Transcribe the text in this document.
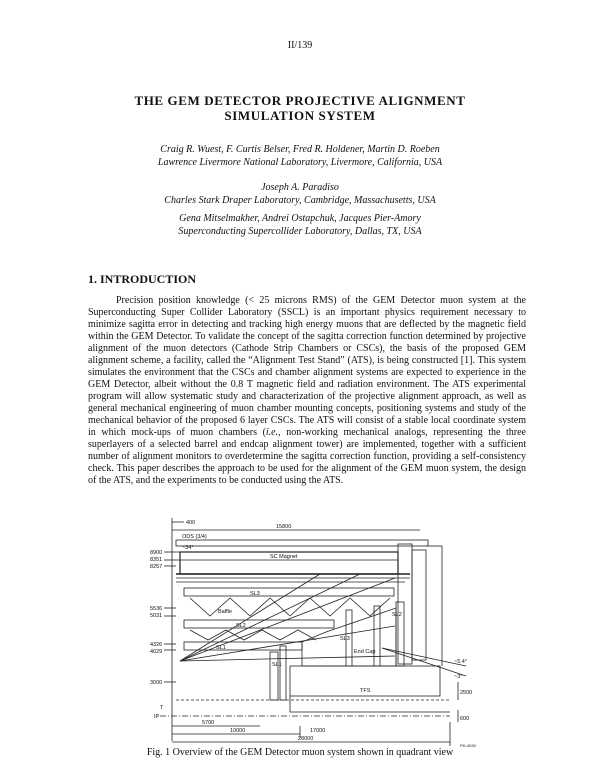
II/139
THE GEM DETECTOR PROJECTIVE ALIGNMENT
SIMULATION SYSTEM
Craig R. Wuest, F. Curtis Belser, Fred R. Holdener, Martin D. Roeben
Lawrence Livermore National Laboratory, Livermore, California, USA
Joseph A. Paradiso
Charles Stark Draper Laboratory, Cambridge, Massachusetts, USA
Gena Mitselmakher, Andrei Ostapchuk, Jacques Pier-Amory
Superconducting Supercollider Laboratory, Dallas, TX, USA
1. INTRODUCTION

Precision position knowledge (< 25 microns RMS) of the GEM Detector muon system at the Superconducting Super Collider Laboratory (SSCL) is an important physics requirement necessary to minimize sagitta error in detecting and tracking high energy muons that are deflected by the magnetic field within the GEM Detector. To validate the concept of the sagitta correction function determined by projective alignment of the muon detectors (Cathode Strip Chambers or CSCs), the basis of the proposed GEM alignment scheme, a facility, called the “Alignment Test Stand” (ATS), is being constructed [1]. This system simulates the environment that the CSCs and chamber alignment systems are expected to experience in the GEM Detector, albeit without the 0.8 T magnetic field and radiation environment. The ATS experimental program will allow systematic study and characterization of the projective alignment approach, as well as general mechanical engineering of muon chamber mounting concepts, positioning systems and study of the mechanical behavior of the proposed 6 layer CSCs. The ATS will consist of a stable local coordinate system in which mock-ups of muon chambers (i.e., non-working mechanical analogs, representing the three superlayers of a selected barrel and endcap alignment tower) are implemented, together with a sufficient number of alignment monitors to overdetermine the sagitta correction function, providing a self-consistency check. This paper describes the approach to be used for the alignment of the GEM muon system, the design of the ATS, and the experiments to be conducted using the ATS.

400
15800
ODS (3/4)
~34°
SC Magnet
SL3
Baffle
SL2
SL1
SL2
SL3
End Cap
SL1
TFS
~5.4°
~3°
2500
600
5700
10000	17000
28000
8900
8351
8257
5536
5031
4326
4029
3000
IP
T
PH-4030
Fig. 1 Overview of the GEM Detector muon system shown in quadrant view
